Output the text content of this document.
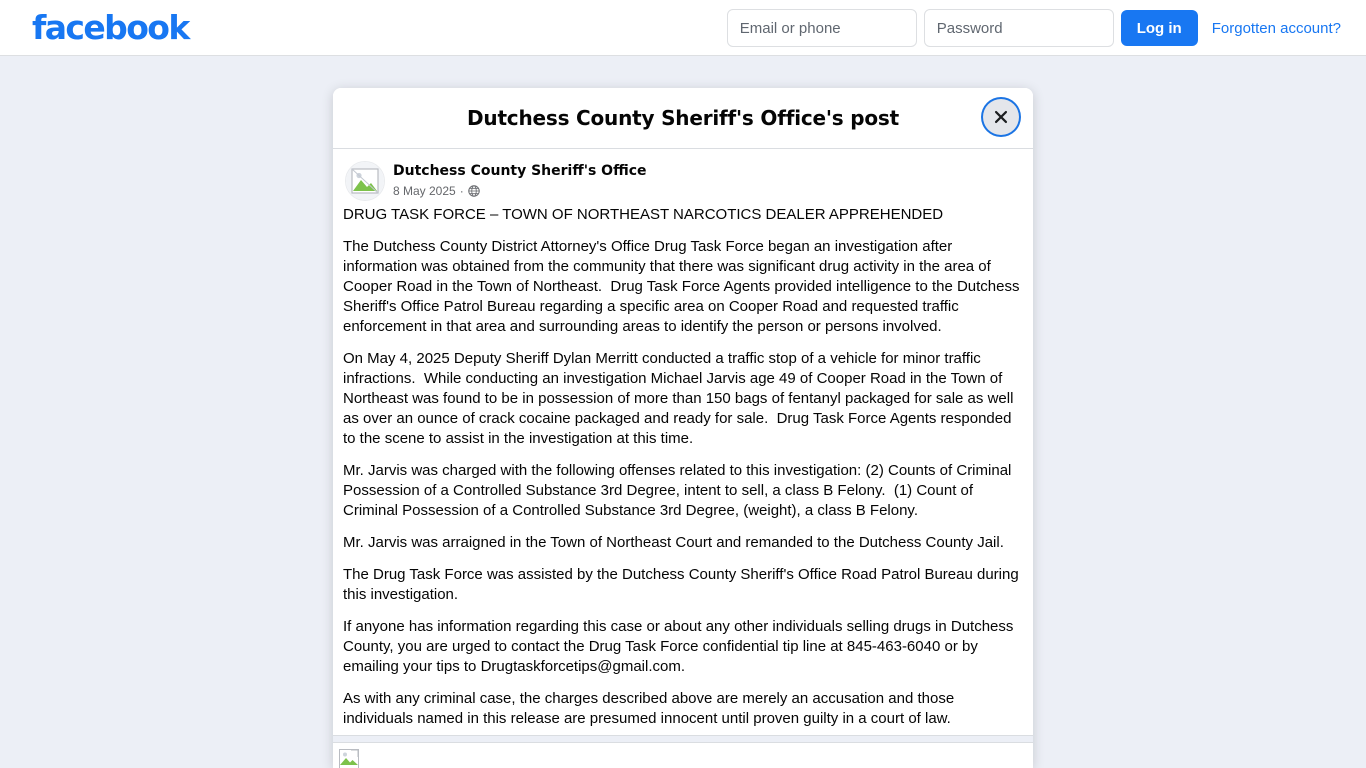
facebook
Email or phone	Log in	Forgotten account?
Dutchess County Sheriff's Office's post
Dutchess County Sheriff's Office
8 May 2025 ·

DRUG TASK FORCE – TOWN OF NORTHEAST NARCOTICS DEALER APPREHENDED

The Dutchess County District Attorney's Office Drug Task Force began an investigation after information was obtained from the community that there was significant drug activity in the area of Cooper Road in the Town of Northeast.  Drug Task Force Agents provided intelligence to the Dutchess Sheriff's Office Patrol Bureau regarding a specific area on Cooper Road and requested traffic enforcement in that area and surrounding areas to identify the person or persons involved.

On May 4, 2025 Deputy Sheriff Dylan Merritt conducted a traffic stop of a vehicle for minor traffic infractions.  While conducting an investigation Michael Jarvis age 49 of Cooper Road in the Town of Northeast was found to be in possession of more than 150 bags of fentanyl packaged for sale as well as over an ounce of crack cocaine packaged and ready for sale.  Drug Task Force Agents responded to the scene to assist in the investigation at this time.

Mr. Jarvis was charged with the following offenses related to this investigation: (2) Counts of Criminal Possession of a Controlled Substance 3rd Degree, intent to sell, a class B Felony.  (1) Count of Criminal Possession of a Controlled Substance 3rd Degree, (weight), a class B Felony.

Mr. Jarvis was arraigned in the Town of Northeast Court and remanded to the Dutchess County Jail.

The Drug Task Force was assisted by the Dutchess County Sheriff's Office Road Patrol Bureau during this investigation.

If anyone has information regarding this case or about any other individuals selling drugs in Dutchess County, you are urged to contact the Drug Task Force confidential tip line at 845-463-6040 or by emailing your tips to Drugtaskforcetips@gmail.com.

As with any criminal case, the charges described above are merely an accusation and those individuals named in this release are presumed innocent until proven guilty in a court of law.
